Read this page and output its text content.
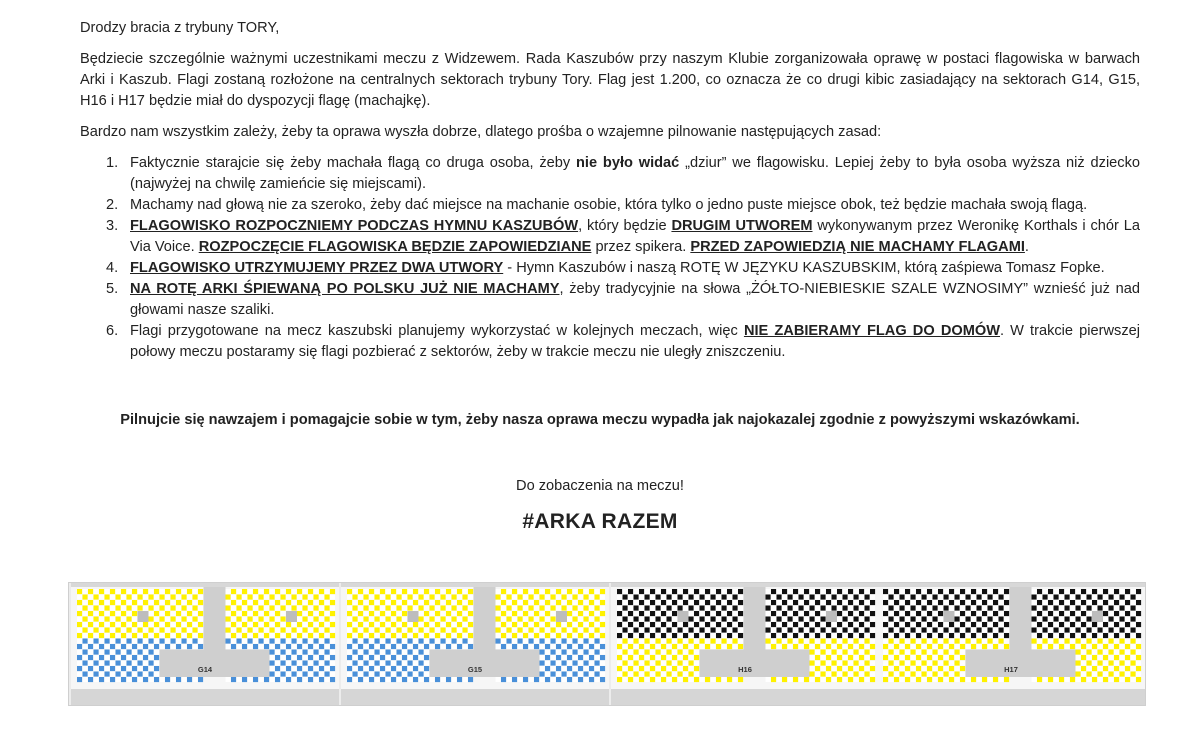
Drodzy bracia z trybuny TORY,

Będziecie szczególnie ważnymi uczestnikami meczu z Widzewem. Rada Kaszubów przy naszym Klubie zorganizowała oprawę w postaci flagowiska w barwach Arki i Kaszub. Flagi zostaną rozłożone na centralnych sektorach trybuny Tory. Flag jest 1.200, co oznacza że co drugi kibic zasiadający na sektorach G14, G15, H16 i H17 będzie miał do dyspozycji flagę (machajkę).

Bardzo nam wszystkim zależy, żeby ta oprawa wyszła dobrze, dlatego prośba o wzajemne pilnowanie następujących zasad:

1. Faktycznie starajcie się żeby machała flagą co druga osoba, żeby nie było widać „dziur” we flagowisku. Lepiej żeby to była osoba wyższa niż dziecko (najwyżej na chwilę zamieńcie się miejscami).
2. Machamy nad głową nie za szeroko, żeby dać miejsce na machanie osobie, która tylko o jedno puste miejsce obok, też będzie machała swoją flagą.
3. FLAGOWISKO ROZPOCZNIEMY PODCZAS HYMNU KASZUBÓW, który będzie DRUGIM UTWOREM wykonywanym przez Weronikę Korthals i chór La Via Voice. ROZPOCZĘCIE FLAGOWISKA BĘDZIE ZAPOWIEDZIANE przez spikera. PRZED ZAPOWIEDZIĄ NIE MACHAMY FLAGAMI.
4. FLAGOWISKO UTRZYMUJEMY PRZEZ DWA UTWORY - Hymn Kaszubów i naszą ROTĘ W JĘZYKU KASZUBSKIM, którą zaśpiewa Tomasz Fopke.
5. NA ROTĘ ARKI ŚPIEWANĄ PO POLSKU JUŻ NIE MACHAMY, żeby tradycyjnie na słowa „ŻÓŁTO-NIEBIESKIE SZALE WZNOSIMY” wznieść już nad głowami nasze szaliki.
6. Flagi przygotowane na mecz kaszubski planujemy wykorzystać w kolejnych meczach, więc NIE ZABIERAMY FLAG DO DOMÓW. W trakcie pierwszej połowy meczu postaramy się flagi pozbierać z sektorów, żeby w trakcie meczu nie uległy zniszczeniu.
Pilnujcie się nawzajem i pomagajcie sobie w tym, żeby nasza oprawa meczu wypadła jak najokazalej zgodnie z powyższymi wskazówkami.
Do zobaczenia na meczu!
#ARKA RAZEM
G14	G15	H16	H17
